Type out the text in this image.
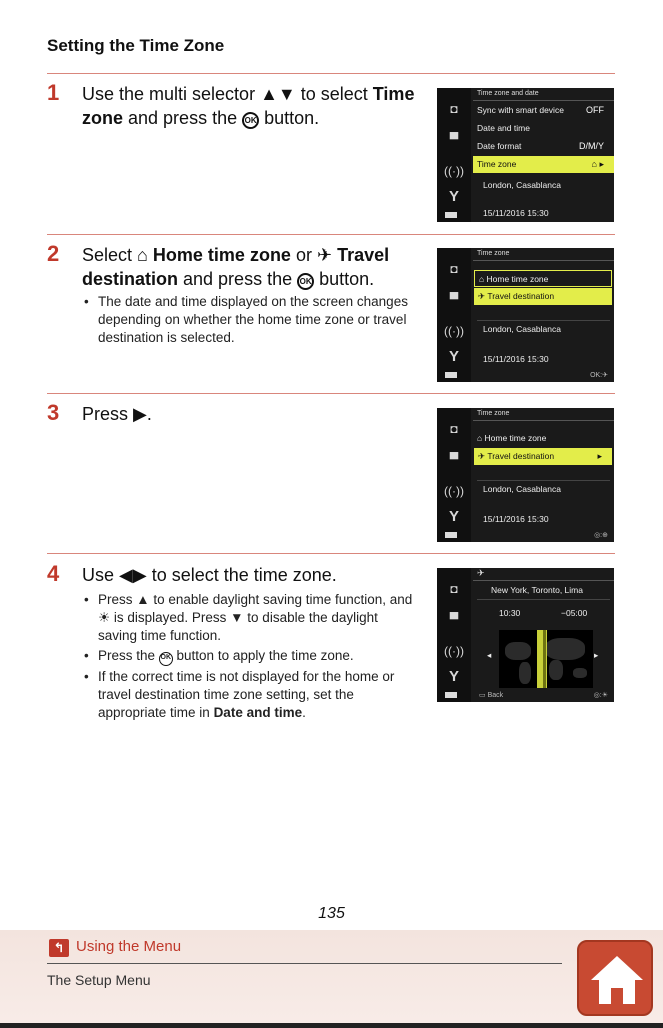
Setting the Time Zone
1 Use the multi selector ▲▼ to select Time zone and press the OK button.	◘
▀
((·))
Y
Time zone and date
Sync with smart device OFF
Date and time
Date format	D/M/Y
Time zone	⌂ ▸
London, Casablanca
15/11/2016 15:30
2 Select ⌂ Home time zone or ✈ Travel destination and press the OK button.
• The date and time displayed on the screen changes depending on whether the home time zone or travel destination is selected.
◘
▀
((·))
Y
Time zone
⌂ Home time zone
✈ Travel destination
London, Casablanca
15/11/2016 15:30
OK:✈
3 Press ▶.
◘
▀
((·))
Y
Time zone
⌂ Home time zone
✈ Travel destination	▸
London, Casablanca
15/11/2016 15:30
◎:⊕
4 Use ◀▶ to select the time zone.
• Press ▲ to enable daylight saving time function, and ☀ is displayed. Press ▼ to disable the daylight saving time function.
• Press the OK button to apply the time zone.
• If the correct time is not displayed for the home or travel destination time zone setting, set the appropriate time in Date and time.
◘
▀
((·))
Y
✈
New York, Toronto, Lima
10:30	−05:00
◂	▸
▭ Back	◎:☀
135
↰ Using the Menu
The Setup Menu
